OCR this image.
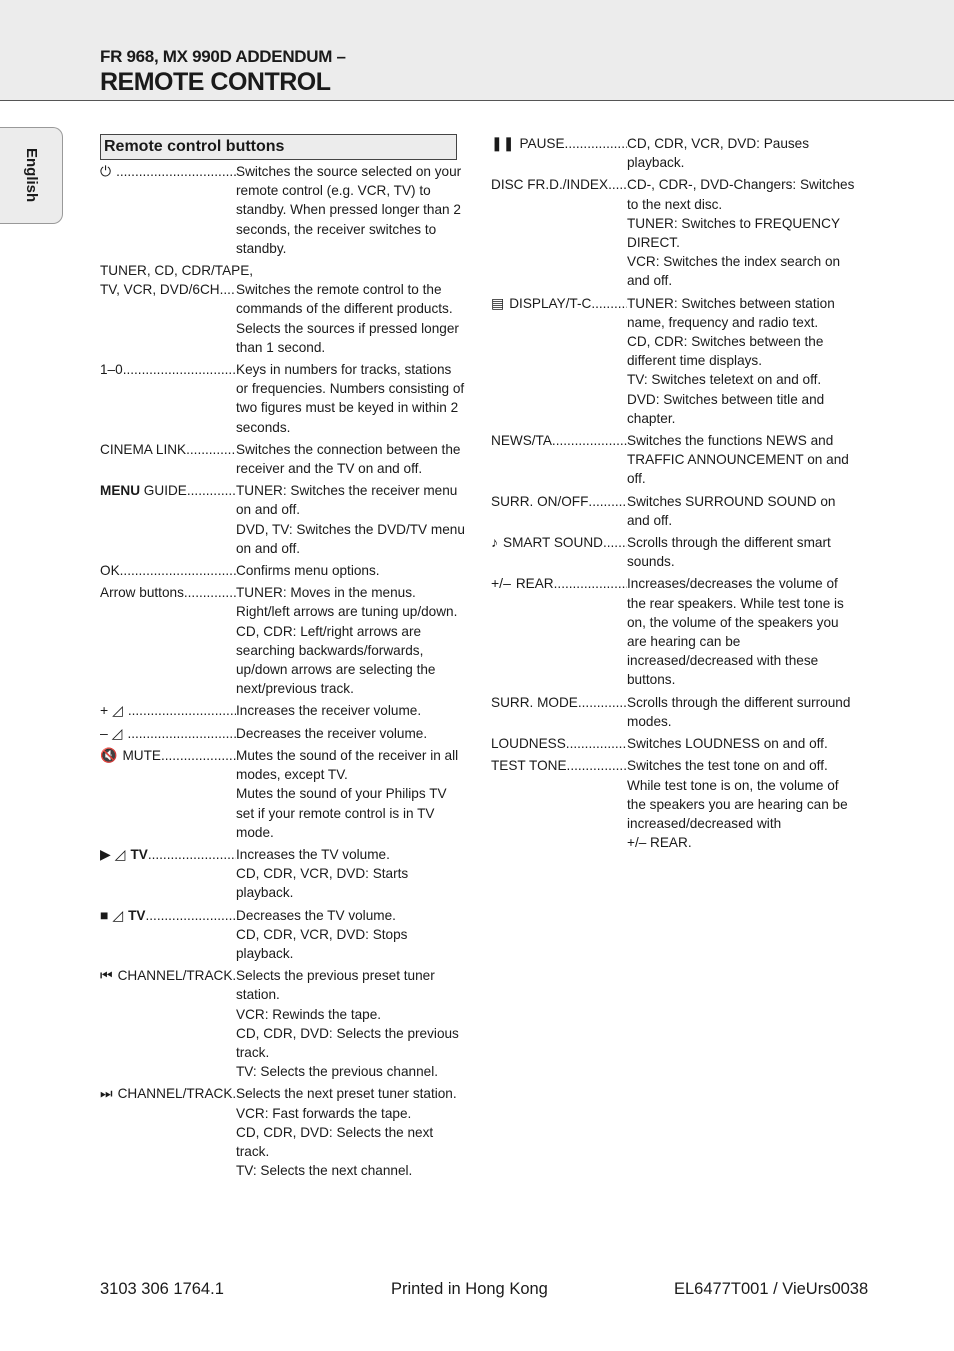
FR 968, MX 990D ADDENDUM –
REMOTE CONTROL
English
Remote control buttons
⏻ .....	Switches the source selected on your remote control (e.g. VCR, TV) to standby. When pressed longer than 2 seconds, the receiver switches to standby.

TUNER, CD, CDR/TAPE,
TV, VCR, DVD/6CH ..... Switches the remote control to the commands of the different products. Selects the sources if pressed longer than 1 second.

1–0 .....	Keys in numbers for tracks, stations or frequencies. Numbers consisting of two figures must be keyed in within 2 seconds.

CINEMA LINK .....	Switches the connection between the receiver and the TV on and off.

MENU GUIDE .....	TUNER: Switches the receiver menu on and off.

DVD, TV: Switches the DVD/TV menu on and off.

OK .....	Confirms menu options.

Arrow buttons .....	TUNER: Moves in the menus. Right/left arrows are tuning up/down.

CD, CDR: Left/right arrows are searching backwards/forwards, up/down arrows are selecting the next/previous track.

+ ◿ .....	Increases the receiver volume.

– ◿ .....	Decreases the receiver volume.

🔇 MUTE .....	Mutes the sound of the receiver in all modes, except TV.

Mutes the sound of your Philips TV set if your remote control is in TV mode.

▶ ◿ TV .....	Increases the TV volume.

CD, CDR, VCR, DVD: Starts playback.

■ ◿ TV .....	Decreases the TV volume.

CD, CDR, VCR, DVD: Stops playback.

⏮ CHANNEL/TRACK ..... Selects the previous preset tuner station.

VCR: Rewinds the tape.

CD, CDR, DVD: Selects the previous track.

TV: Selects the previous channel.

⏭ CHANNEL/TRACK ..... Selects the next preset tuner station.

VCR: Fast forwards the tape.

CD, CDR, DVD: Selects the next track.

TV: Selects the next channel.

❚❚ PAUSE .....	CD, CDR, VCR, DVD: Pauses playback.

DISC FR.D./INDEX ..... CD-, CDR-, DVD-Changers: Switches to the next disc.

TUNER: Switches to FREQUENCY DIRECT.

VCR: Switches the index search on and off.

▤ DISPLAY/T-C .....	TUNER: Switches between station name, frequency and radio text.

CD, CDR: Switches between the different time displays.

TV: Switches teletext on and off.

DVD: Switches between title and chapter.

NEWS/TA .....	Switches the functions NEWS and TRAFFIC ANNOUNCEMENT on and off.

SURR. ON/OFF .....	Switches SURROUND SOUND on and off.

♪ SMART SOUND ..... Scrolls through the different smart sounds.

+/– REAR .....	Increases/decreases the volume of the rear speakers. While test tone is on, the volume of the speakers you are hearing can be increased/decreased with these buttons.

SURR. MODE .....	Scrolls through the different surround modes.

LOUDNESS .....	Switches LOUDNESS on and off.

TEST TONE .....	Switches the test tone on and off. While test tone is on, the volume of the speakers you are hearing can be increased/decreased with

+/– REAR.

3103 306 1764.1	Printed in Hong Kong	EL6477T001 / VieUrs0038
